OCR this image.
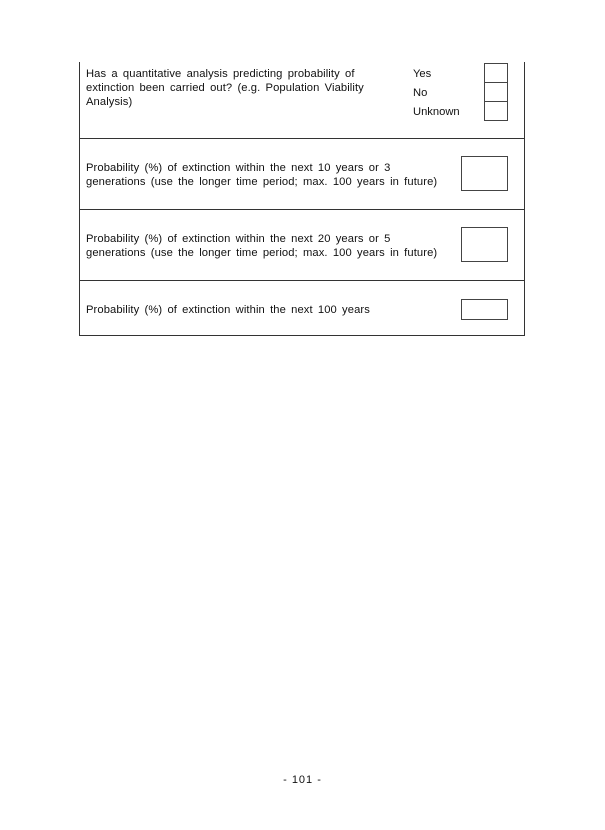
Has a quantitative analysis predicting probability of
extinction been carried out? (e.g. Population Viability
Analysis)
Yes
No
Unknown
Probability (%) of extinction within the next 10 years or 3
generations (use the longer time period; max. 100 years in future)
Probability (%) of extinction within the next 20 years or 5
generations (use the longer time period; max. 100 years in future)
Probability (%) of extinction within the next 100 years
- 101 -
